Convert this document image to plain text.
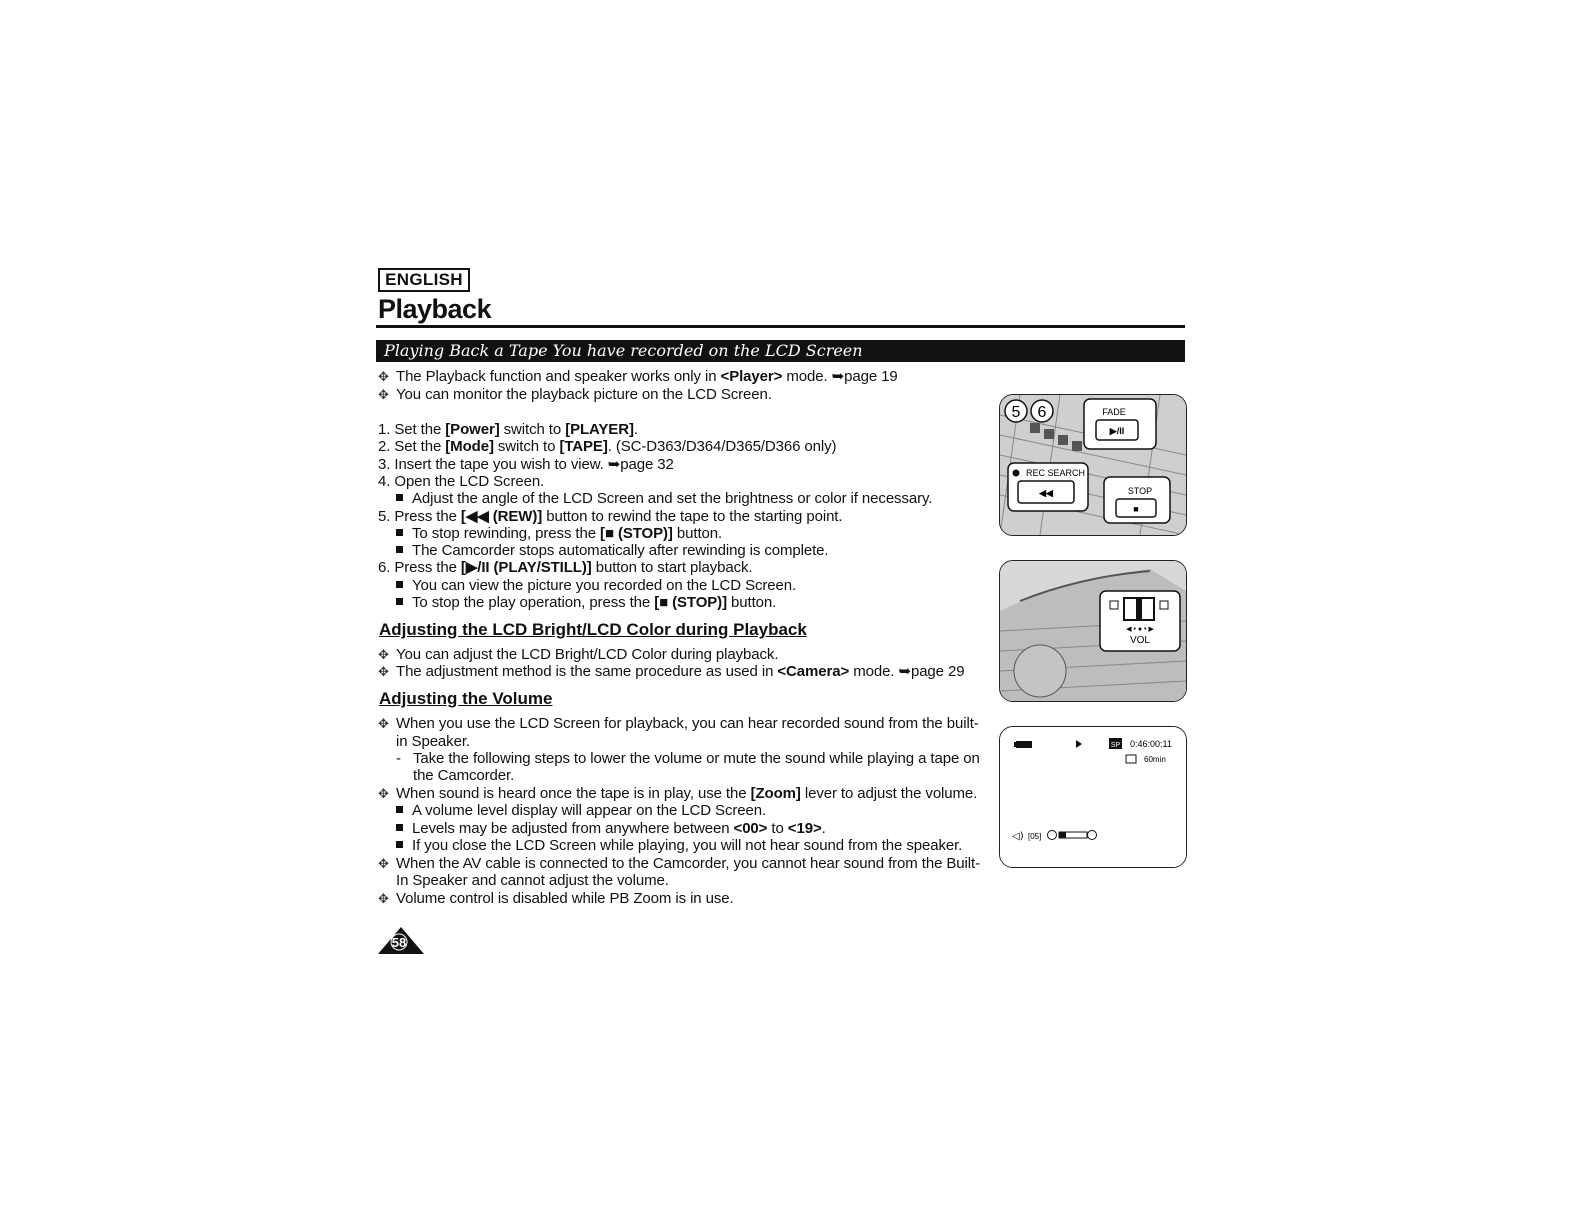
ENGLISH
Playback
Playing Back a Tape You have recorded on the LCD Screen
✥ The Playback function and speaker works only in <Player> mode. ➥page 19
✥ You can monitor the playback picture on the LCD Screen.
1. Set the [Power] switch to [PLAYER].
2. Set the [Mode] switch to [TAPE]. (SC-D363/D364/D365/D366 only)
3. Insert the tape you wish to view. ➥page 32
4. Open the LCD Screen.
Adjust the angle of the LCD Screen and set the brightness or color if necessary.
5. Press the [◀◀ (REW)] button to rewind the tape to the starting point.
To stop rewinding, press the [■ (STOP)] button.
The Camcorder stops automatically after rewinding is complete.
6. Press the [▶/II (PLAY/STILL)] button to start playback.
You can view the picture you recorded on the LCD Screen.
To stop the play operation, press the [■ (STOP)] button.
Adjusting the LCD Bright/LCD Color during Playback
✥ You can adjust the LCD Bright/LCD Color during playback.
✥ The adjustment method is the same procedure as used in <Camera> mode. ➥page 29
Adjusting the Volume
✥ When you use the LCD Screen for playback, you can hear recorded sound from the built-
in Speaker.
- Take the following steps to lower the volume or mute the sound while playing a tape on
the Camcorder.
✥ When sound is heard once the tape is in play, use the [Zoom] lever to adjust the volume.
A volume level display will appear on the LCD Screen.
Levels may be adjusted from anywhere between <00> to <19>.
If you close the LCD Screen while playing, you will not hear sound from the speaker.
✥ When the AV cable is connected to the Camcorder, you cannot hear sound from the Built-
In Speaker and cannot adjust the volume.
✥ Volume control is disabled while PB Zoom is in use.
5 6	FADE
▶/II
REC SEARCH
◀◀	STOP
■
◀ • ● • ▶
VOL
SP 0:46:00:11
60min
◁) [05]
58
